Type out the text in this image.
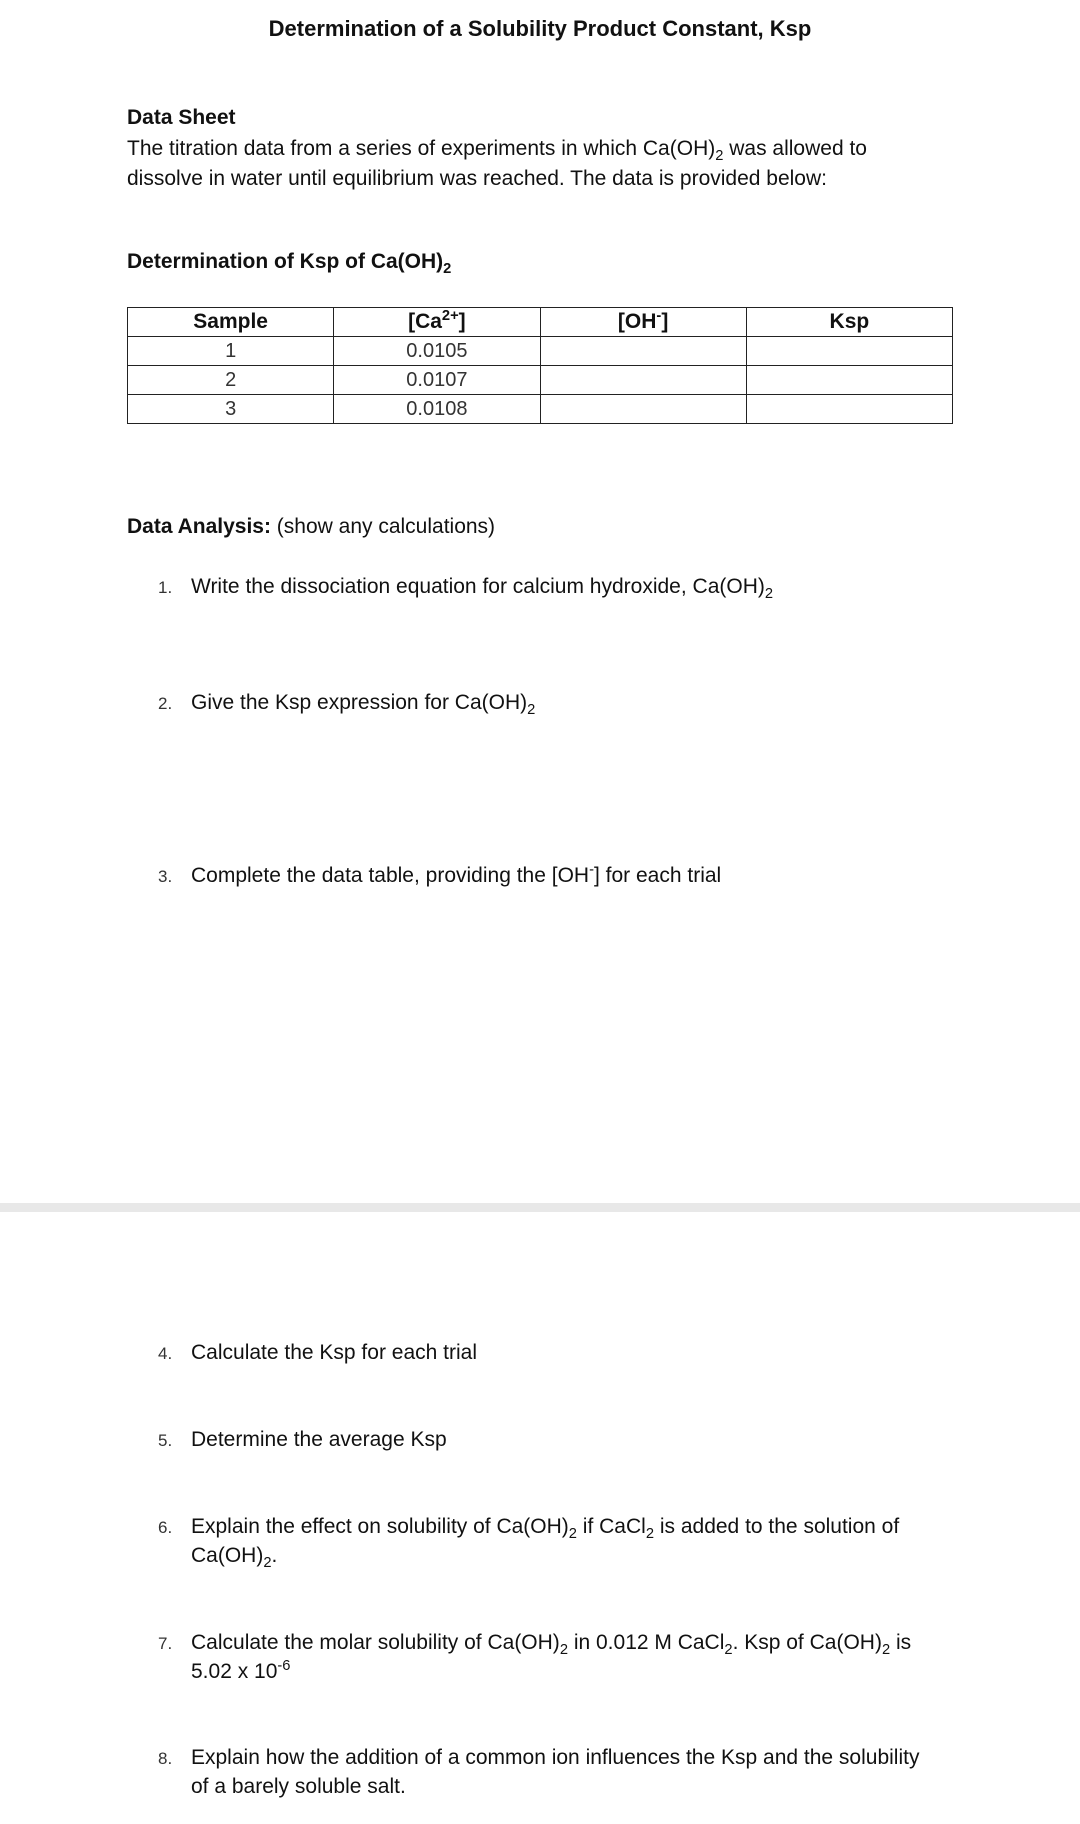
Determination of a Solubility Product Constant, Ksp
Data Sheet
The titration data from a series of experiments in which $Ca(OH)_2$ was allowed to
dissolve in water until equilibrium was reached. The data is provided below:
Determination of Ksp of $Ca(OH)_2$
Sample	$[Ca^{2+}]$	[OH-]	Ksp
1	0.0105		
2	0.0107		
3	0.0108		
Data Analysis: (show any calculations)
1. Write the dissociation equation for calcium hydroxide, $Ca(OH)_2$
2. Give the Ksp expression for $Ca(OH)_2$
3. Complete the data table, providing the [OH-] for each trial
4. Calculate the Ksp for each trial
5. Determine the average Ksp
6. Explain the effect on solubility of $Ca(OH)_2$ if CaCl$_2$ is added to the solution of
$Ca(OH)_2$.
7. Calculate the molar solubility of $Ca(OH)_2$ in 0.012 M CaCl$_2$. Ksp of $Ca(OH)_2$ is
5.02 x $10^{-6}$
8. Explain how the addition of a common ion influences the Ksp and the solubility
of a barely soluble salt.
